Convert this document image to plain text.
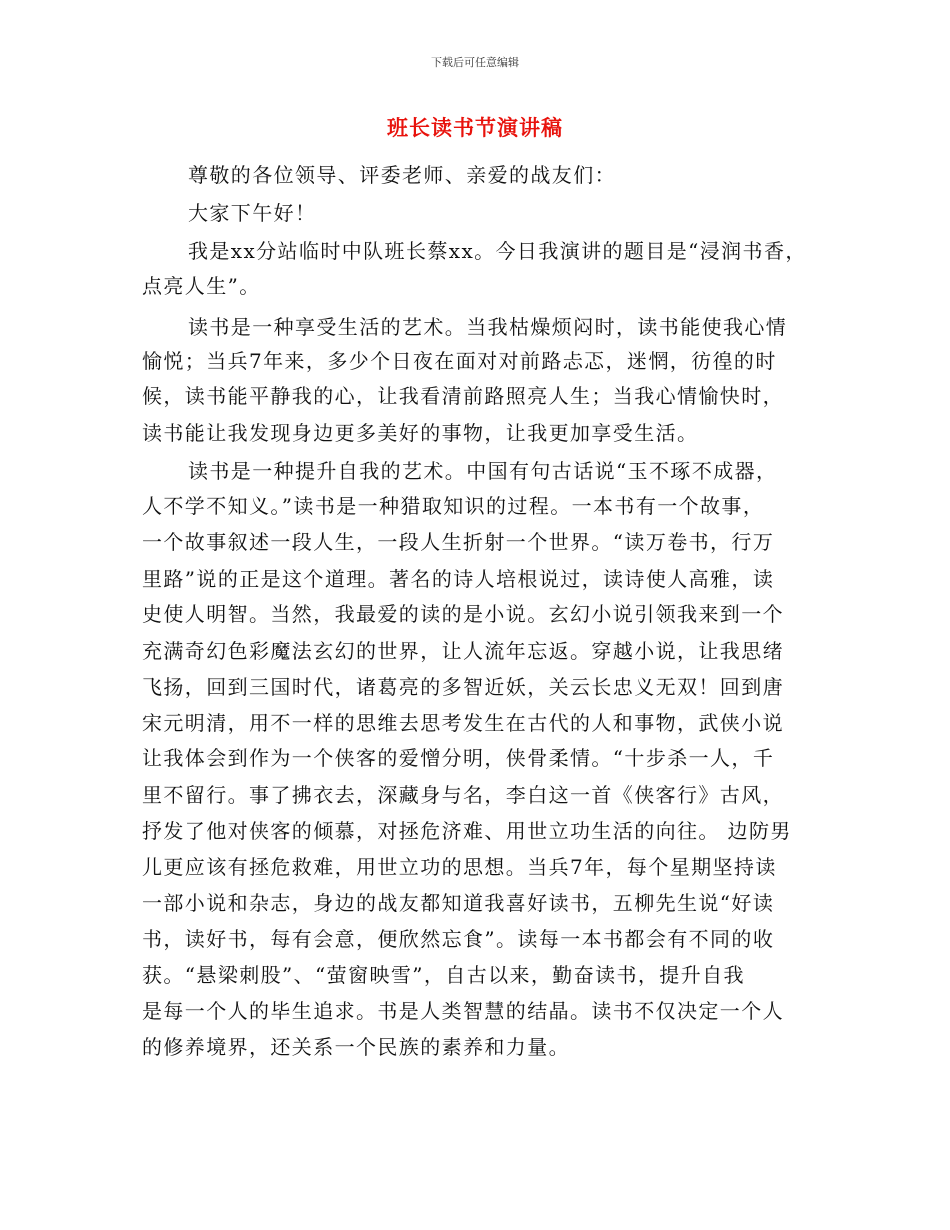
下载后可任意编辑
班长读书节演讲稿
尊敬的各位领导、评委老师、亲爱的战友们：
大家下午好！
我是xx分站临时中队班长蔡xx。今日我演讲的题目是“浸润书香，
点亮人生”。
读书是一种享受生活的艺术。当我枯燥烦闷时，读书能使我心情
愉悦；当兵7年来，多少个日夜在面对对前路忐忑，迷惘，彷徨的时
候，读书能平静我的心，让我看清前路照亮人生；当我心情愉快时，
读书能让我发现身边更多美好的事物，让我更加享受生活。
读书是一种提升自我的艺术。中国有句古话说“玉不琢不成器，
人不学不知义。”读书是一种猎取知识的过程。一本书有一个故事，
一个故事叙述一段人生，一段人生折射一个世界。“读万卷书，行万
里路”说的正是这个道理。著名的诗人培根说过，读诗使人高雅，读
史使人明智。当然，我最爱的读的是小说。玄幻小说引领我来到一个
充满奇幻色彩魔法玄幻的世界，让人流年忘返。穿越小说，让我思绪
飞扬，回到三国时代，诸葛亮的多智近妖，关云长忠义无双！回到唐
宋元明清，用不一样的思维去思考发生在古代的人和事物，武侠小说
让我体会到作为一个侠客的爱憎分明，侠骨柔情。“十步杀一人，千
里不留行。事了拂衣去，深藏身与名，李白这一首《侠客行》古风，
抒发了他对侠客的倾慕，对拯危济难、用世立功生活的向往。 边防男
儿更应该有拯危救难，用世立功的思想。当兵7年，每个星期坚持读
一部小说和杂志，身边的战友都知道我喜好读书，五柳先生说“好读
书，读好书，每有会意，便欣然忘食”。读每一本书都会有不同的收
获。“悬梁刺股”、“萤窗映雪”，自古以来，勤奋读书，提升自我
是每一个人的毕生追求。书是人类智慧的结晶。读书不仅决定一个人
的修养境界，还关系一个民族的素养和力量。
